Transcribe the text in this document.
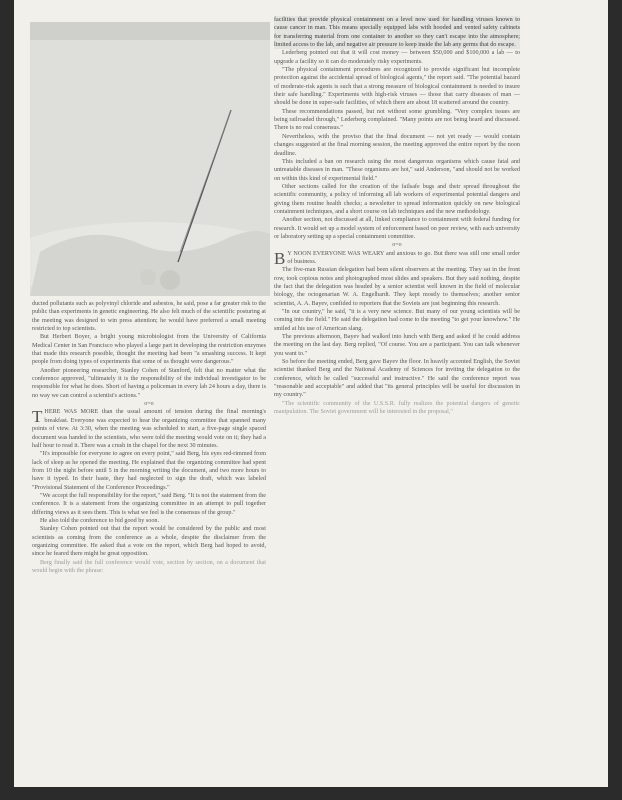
ducted pollutants such as polyvinyl chloride and asbestos, he said, pose a far greater risk to the public than experiments in genetic engineering. He also felt much of the scientific posturing at the meeting was designed to win press attention; he would have preferred a small meeting restricted to top scientists.

But Herbert Boyer, a bright young microbiologist from the University of California Medical Center in San Francisco who played a large part in developing the restriction enzymes that made this research possible, thought the meeting had been "a smashing success. It kept people from doing types of experiments that some of us thought were dangerous."

Another pioneering researcher, Stanley Cohen of Stanford, felt that no matter what the conference approved, "ultimately it is the responsibility of the individual investigator to be responsible for what he does. Short of having a policeman in every lab 24 hours a day, there is no way we can control a scientist's actions."

o=o

THERE WAS MORE than the usual amount of tension during the final morning's breakfast. Everyone was expected to hear the organizing committee that spanned many points of view. At 3:30, when the meeting was scheduled to start, a five-page single spaced document was handed to the scientists, who were told the meeting would vote on it; they had a half hour to read it. There was a crush in the chapel for the next 30 minutes.

"It's impossible for everyone to agree on every point," said Berg, his eyes red-rimmed from lack of sleep as he opened the meeting. He explained that the organizing committee had spent from 10 the night before until 5 in the morning writing the document, and two more hours to have it typed. In their haste, they had neglected to sign the draft, which was labeled "Provisional Statement of the Conference Proceedings."

"We accept the full responsibility for the report," said Berg. "It is not the statement from the conference. It is a statement from the organizing committee in an attempt to pull together differing views as it sees them. This is what we feel is the consensus of the group."

He also told the conference to bid good by soon.

Stanley Cohen pointed out that the report would be considered by the public and most scientists as coming from the conference as a whole, despite the disclaimer from the organizing committee. He asked that a vote on the report, which Berg had hoped to avoid, since he feared there might be great opposition.

Berg finally said the full conference would vote, section by section, on a document that would begin with the phrase:

facilities that provide physical containment on a level now used for handling viruses known to cause cancer in man. This means specially equipped labs with hooded and vented safety cabinets for transferring material from one container to another so they can't escape into the atmosphere; limited access to the lab, and negative air pressure to keep inside the lab any germs that do escape.

Lederberg pointed out that it will cost money — between $50,000 and $100,000 a lab — to upgrade a facility so it can do moderately risky experiments.

"The physical containment procedures are recognized to provide significant but incomplete protection against the accidental spread of biological agents," the report said. "The potential hazard of moderate-risk agents is such that a strong measure of biological containment is needed to insure their safe handling." Experiments with high-risk viruses — those that carry diseases of man — should be done in super-safe facilities, of which there are about 18 scattered around the country.

These recommendations passed, but not without some grumbling. "Very complex issues are being railroaded through," Lederberg complained. "Many points are not being heard and discussed. There is no real consensus."

Nevertheless, with the proviso that the final document — not yet ready — would contain changes suggested at the final morning session, the meeting approved the entire report by the noon deadline.

This included a ban on research using the most dangerous organisms which cause fatal and untreatable diseases in man. "These organisms are hot," said Anderson, "and should not be worked on within this kind of experimental field."

Other sections called for the creation of the failsafe bugs and their spread throughout the scientific community, a policy of informing all lab workers of experimental potential dangers and giving them routine health checks; a newsletter to spread information quickly on new biological containment techniques, and a short course on lab techniques and the new methodology.

Another section, not discussed at all, linked compliance to containment with federal funding for research. It would set up a model system of enforcement based on peer review, with each university or laboratory setting up a special containment committee.

o=o

B Y NOON EVERYONE WAS WEARY and anxious to go. But there was still one small order of business.

The five-man Russian delegation had been silent observers at the meeting. They sat in the front row, took copious notes and photographed most slides and speakers. But they said nothing, despite the fact that the delegation was headed by a senior scientist well known in the field of molecular biology, the octogenarian W. A. Engelhardt. They kept mostly to themselves; another senior scientist, A. A. Bayev, confided to reporters that the Soviets are just beginning this research.

"In our country," he said, "it is a very new science. But many of our young scientists will be coming into the field." He said the delegation had come to the meeting "to get your knowhow." He smiled at his use of American slang.

The previous afternoon, Bayev had walked into lunch with Berg and asked if he could address the meeting on the last day. Berg replied, "Of course. You are a participant. You can talk whenever you want to."

So before the meeting ended, Berg gave Bayev the floor. In heavily accented English, the Soviet scientist thanked Berg and the National Academy of Sciences for inviting the delegation to the conference, which he called "successful and instructive." He said the conference report was "reasonable and acceptable" and added that "its general principles will be useful for discussion in my country."

"The scientific community of the U.S.S.R. fully realizes the potential dangers of genetic manipulation. The Soviet government will be interested in the proposal,"
